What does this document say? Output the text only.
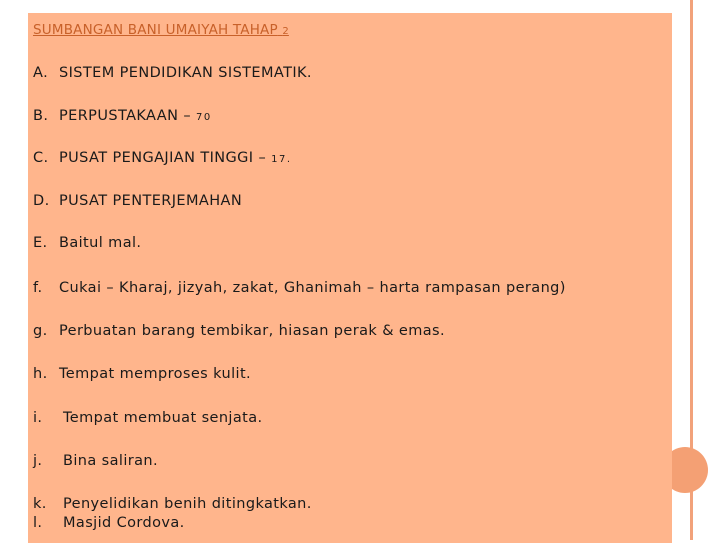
SUMBANGAN BANI UMAIYAH TAHAP 2
A. SISTEM PENDIDIKAN SISTEMATIK.
B. PERPUSTAKAAN – 70
C. PUSAT PENGAJIAN TINGGI – 17.
D. PUSAT PENTERJEMAHAN
E. Baitul mal.
f. Cukai – Kharaj, jizyah, zakat, Ghanimah – harta rampasan perang)
g. Perbuatan barang tembikar, hiasan perak & emas.
h. Tempat memproses kulit.
i. Tempat membuat senjata.
j. Bina saliran.
k. Penyelidikan benih ditingkatkan.
l. Masjid Cordova.
